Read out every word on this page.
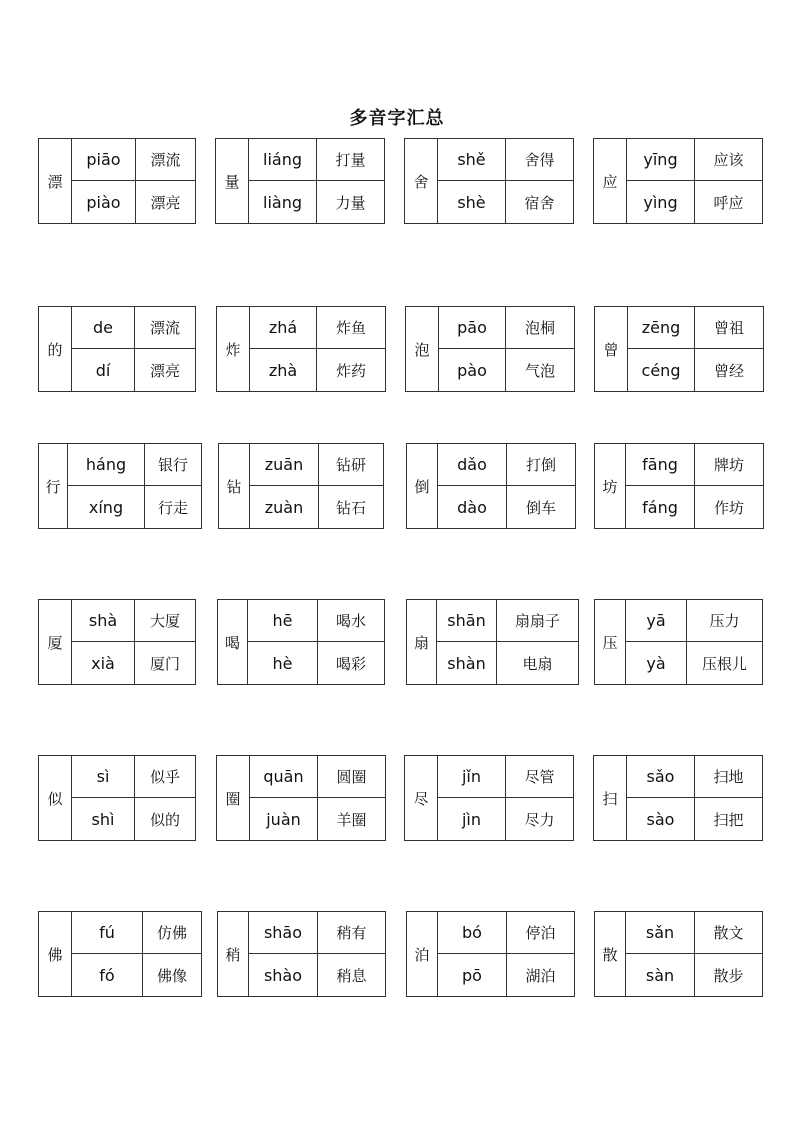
多音字汇总
漂
piāo	漂流
piào	漂亮
量
liáng	打量
liàng	力量
舍
shě	舍得
shè	宿舍
应
yīng	应该
yìng	呼应
的
de	漂流
dí	漂亮
炸
zhá	炸鱼
zhà	炸药
泡
pāo	泡桐
pào	气泡
曾
zēng	曾祖
céng	曾经
行
háng	银行
xíng	行走
钻
zuān	钻研
zuàn	钻石
倒
dǎo	打倒
dào	倒车
坊
fāng	牌坊
fáng	作坊
厦
shà	大厦
xià	厦门
喝
hē	喝水
hè	喝彩
扇
shān	扇扇子
shàn	电扇
压
yā	压力
yà	压根儿
似
sì	似乎
shì	似的
圈
quān	圆圈
juàn	羊圈
尽
jǐn	尽管
jìn	尽力
扫
sǎo	扫地
sào	扫把
佛
fú	仿佛
fó	佛像
稍
shāo	稍有
shào	稍息
泊
bó	停泊
pō	湖泊
散
sǎn	散文
sàn	散步
